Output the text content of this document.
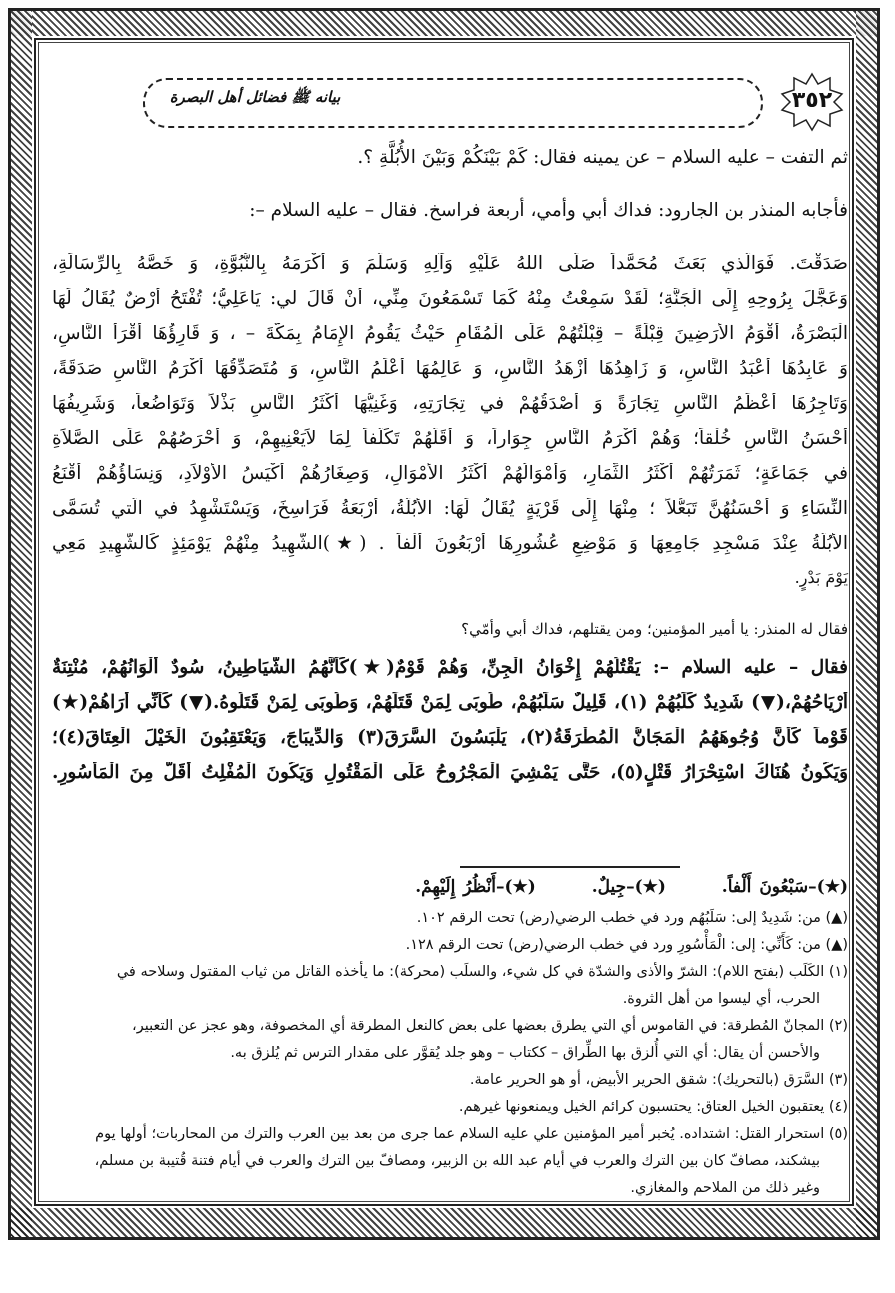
بيانه ﷺ فضائل أهل البصرة	٣٥٢
ثم التفت – عليه السلام – عن يمينه فقال: كَمْ بَيْنَكُمْ وَبَيْنَ الأُبُلَّةِ ؟.
فأجابه المنذر بن الجارود: فداك أبي وأمي، أربعة فراسخ. فقال – عليه السلام –:
صَدَقْتَ. فَوَالَّذي بَعَثَ مُحَمَّداً صَلَّى اللهُ عَلَيْهِ وَآلِهِ وَسَلَّمَ وَ أَكْرَمَهُ بِالنُّبُوَّةِ، وَ خَصَّهُ بِالرِّسَالَةِ،
وَعَجَّلَ بِرُوحِهِ إِلَى الْجَنَّةِ؛ لَقَدْ سَمِعْتُ مِنْهُ كَمَا تَسْمَعُونَ مِنِّي، أَنْ قَالَ لي: يَاعَلِيُّ؛ تُفْتَحُ أَرْضٌ يُقَالُ لَهَا
الْبَصْرَةُ، أَقْوَمُ الأَرَضِينَ قِبْلَةً – قِبْلَتُهُمْ عَلَى الْمُقَامِ حَيْثُ يَقُومُ الإِمَامُ بِمَكَّةَ – ، وَ قَارِؤُهَا أَقْرَأُ النَّاسِ،
وَ عَابِدُهَا أَعْبَدُ النَّاسِ، وَ زَاهِدُهَا أَزْهَدُ النَّاسِ، وَ عَالِمُهَا أَعْلَمُ النَّاسِ، وَ مُتَصَدِّقُهَا أَكْرَمُ النَّاسِ صَدَقَةً،
وَتَاجِرُهَا أَعْظَمُ النَّاسِ تِجَارَةً وَ أَصْدَقُهُمْ في تِجَارَتِهِ، وَغَنِيُّهَا أَكْثَرُ النَّاسِ بَذْلاً وَتَوَاضُعاً، وَشَرِيفُهَا
أَحْسَنُ النَّاسِ خُلْقاً؛ وَهُمْ أَكْرَمُ النَّاسِ جِوَاراً، وَ أَقَلُّهُمْ تَكَلُّفاً لِمَا لاَيَعْنِيهِمْ، وَ أَحْرَصُهُمْ عَلَى الصَّلاَةِ
في جَمَاعَةٍ؛ ثَمَرَتُهُمْ أَكْثَرُ الثِّمَارِ، وَأَمْوَالُهُمْ أَكْثَرُ الأَمْوَالِ، وَصِغَارُهُمْ أَكْيَسُ الأَوْلاَدِ، وَنِسَاؤُهُمْ أَقْنَعُ
النِّسَاءِ وَ أَحْسَنُهُنَّ تَبَعُّلاً ؛ مِنْهَا إِلَى قَرْيَةٍ يُقَالُ لَهَا: الأُبُلَّةُ، أَرْبَعَةُ فَرَاسِخَ، وَيَسْتَشْهِدُ في الَّتي تُسَمَّى
الأُبُلَّةُ عِنْدَ مَسْجِدِ جَامِعِهَا وَ مَوْضِعِ عُشُورِهَا أَرْبَعُونَ أَلْفاً . (★)الشَّهِيدُ مِنْهُمْ يَوْمَئِذٍ كَالشَّهِيدِ مَعِي
يَوْمَ بَدْرٍ.
فقال له المنذر: يا أمير المؤمنين؛ ومن يقتلهم، فداك أبي وأمّي؟
فقال – عليه السلام –: يَقْتُلُهُمْ إِخْوَانُ الْجِنِّ، وَهُمْ قَوْمٌ(★)كَأَنَّهُمُ الشَّيَاطِينُ، سُودٌ أَلْوَانُهُمْ، مُنْتِنَةٌ
أَرْيَاحُهُمْ،(▼) شَدِيدٌ كَلَبُهُمْ (١)، قَلِيلٌ سَلَبُهُمْ، طُوبَى لِمَنْ قَتَلَهُمْ، وَطُوبَى لِمَنْ قَتَلُوهُ.(▼) كَأَنِّي أَرَاهُمْ(★)
قَوْماً كَأَنَّ وُجُوهَهُمُ الْمَجَانُّ الْمُطْرَقَةُ(٢)، يَلْبَسُونَ السَّرَقَ(٣) وَالدِّيبَاجَ، وَيَعْتَقِبُونَ الْخَيْلَ الْعِتَاقَ(٤)؛
وَيَكُونُ هُنَاكَ اسْتِحْرَارُ قَتْلٍ(٥)، حَتَّى يَمْشِيَ الْمَجْرُوحُ عَلَى الْمَقْتُولِ وَيَكُونَ الْمُفْلِتُ أَقَلَّ مِنَ الْمَأْسُورِ.
(★)–سَبْعُونَ أَلْفاً.  (★)–جِيلٌ.  (★)–أَنْظُرُ إِلَيْهِمْ.
(▲) من: شَدِيدٌ إلى: سَلَبُهُم ورد في خطب الرضي(رض) تحت الرقم ١٠٢.
(▲) من: كَأَنِّي: إلى: الْمَأْسُورِ ورد في خطب الرضي(رض) تحت الرقم ١٢٨.
(١) الكَلَب (بفتح اللام): الشرّ والأذى والشدّة في كل شيء، والسلَب (محركة): ما يأخذه القاتل من ثياب المقتول وسلاحه في
الحرب، أي ليسوا من أهل الثروة.
(٢) المجانّ المُطرقة: في القاموس أي التي يطرق بعضها على بعض كالنعل المطرقة أي المخصوفة، وهو عجز عن التعبير،
والأحسن أن يقال: أي التي أُلزق بها الطِّراق – ككتاب – وهو جلد يُقوَّر على مقدار الترس ثم يُلزق به.
(٣) السَّرَق (بالتحريك): شقق الحرير الأبيض، أو هو الحرير عامة.
(٤) يعتقبون الخيل العتاق: يحتسبون كرائم الخيل ويمنعونها غيرهم.
(٥) استحرار القتل: اشتداده. يُخبر أمير المؤمنين علي عليه السلام عما جرى من بعد بين العرب والترك من المحاربات؛ أولها يوم
بيشكند، مصافّ كان بين الترك والعرب في أيام عبد الله بن الزبير، ومصافّ بين الترك والعرب في أيام فتنة قُتيبة بن مسلم،
وغير ذلك من الملاحم والمغازي.
